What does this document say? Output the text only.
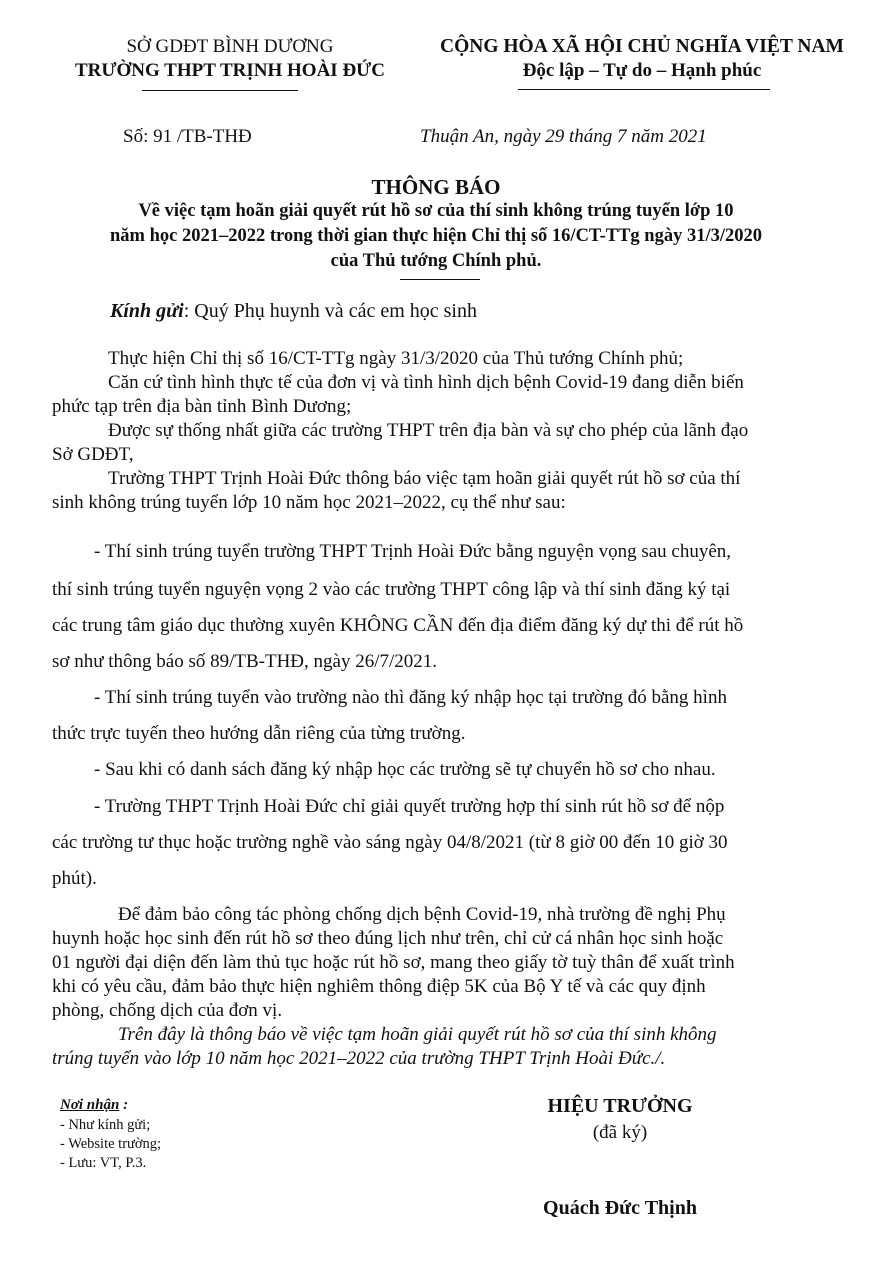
SỞ GDĐT BÌNH DƯƠNG
TRƯỜNG THPT TRỊNH HOÀI ĐỨC
CỘNG HÒA XÃ HỘI CHỦ NGHĨA VIỆT NAM
Độc lập – Tự do – Hạnh phúc
Số: 91 /TB-THĐ	Thuận An, ngày 29 tháng 7 năm 2021
THÔNG BÁO
Về việc tạm hoãn giải quyết rút hồ sơ của thí sinh không trúng tuyển lớp 10
năm học 2021–2022 trong thời gian thực hiện Chỉ thị số 16/CT-TTg ngày 31/3/2020
của Thủ tướng Chính phủ.
Kính gửi: Quý Phụ huynh và các em học sinh
Thực hiện Chỉ thị số 16/CT-TTg ngày 31/3/2020 của Thủ tướng Chính phủ;
Căn cứ tình hình thực tế của đơn vị và tình hình dịch bệnh Covid-19 đang diễn biến
phức tạp trên địa bàn tỉnh Bình Dương;
Được sự thống nhất giữa các trường THPT trên địa bàn và sự cho phép của lãnh đạo
Sở GDĐT,
Trường THPT Trịnh Hoài Đức thông báo việc tạm hoãn giải quyết rút hồ sơ của thí
sinh không trúng tuyển lớp 10 năm học 2021–2022, cụ thể như sau:
- Thí sinh trúng tuyển trường THPT Trịnh Hoài Đức bằng nguyện vọng sau chuyên,
thí sinh trúng tuyển nguyện vọng 2 vào các trường THPT công lập và thí sinh đăng ký tại
các trung tâm giáo dục thường xuyên KHÔNG CẦN đến địa điểm đăng ký dự thi để rút hồ
sơ như thông báo số 89/TB-THĐ, ngày 26/7/2021.
- Thí sinh trúng tuyển vào trường nào thì đăng ký nhập học tại trường đó bằng hình
thức trực tuyến theo hướng dẫn riêng của từng trường.
- Sau khi có danh sách đăng ký nhập học các trường sẽ tự chuyển hồ sơ cho nhau.
- Trường THPT Trịnh Hoài Đức chỉ giải quyết trường hợp thí sinh rút hồ sơ để nộp
các trường tư thục hoặc trường nghề vào sáng ngày 04/8/2021 (từ 8 giờ 00 đến 10 giờ 30
phút).
Để đảm bảo công tác phòng chống dịch bệnh Covid-19, nhà trường đề nghị Phụ
huynh hoặc học sinh đến rút hồ sơ theo đúng lịch như trên, chỉ cử cá nhân học sinh hoặc
01 người đại diện đến làm thủ tục hoặc rút hồ sơ, mang theo giấy tờ tuỳ thân để xuất trình
khi có yêu cầu, đảm bảo thực hiện nghiêm thông điệp 5K của Bộ Y tế và các quy định
phòng, chống dịch của đơn vị.
Trên đây là thông báo về việc tạm hoãn giải quyết rút hồ sơ của thí sinh không
trúng tuyển vào lớp 10 năm học 2021–2022 của trường THPT Trịnh Hoài Đức./.
Nơi nhận :
- Như kính gửi;
- Website trường;
- Lưu: VT, P.3.
HIỆU TRƯỞNG
(đã ký)
Quách Đức Thịnh
